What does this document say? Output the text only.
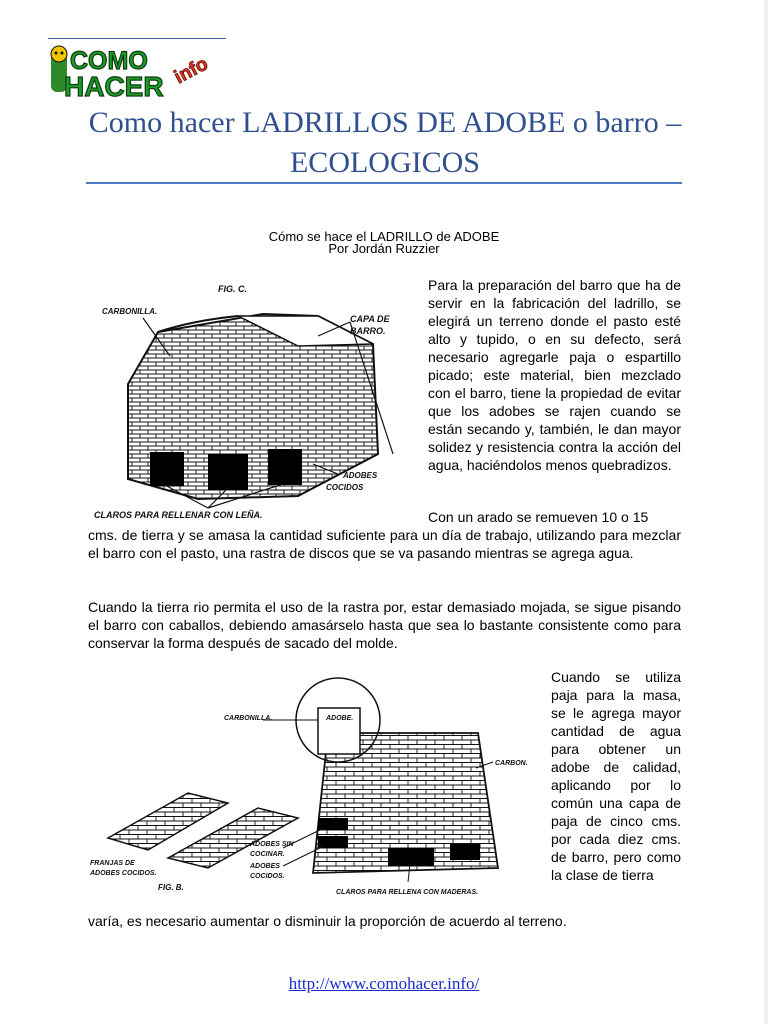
COMO
HACER info
Como hacer LADRILLOS DE ADOBE o barro – ECOLOGICOS
Cómo se hace el LADRILLO de ADOBE
Por Jordán Ruzzier
FIG. C.
CARBONILLA.
CAPA DE
BARRO.
ADOBES
COCIDOS
CLAROS PARA RELLENAR CON LEÑA.

Para la preparación del barro que ha de servir en la fabricación del ladrillo, se elegirá un terreno donde el pasto esté alto y tupido, o en su defecto, será necesario agregarle paja o espartillo picado; este material, bien mezclado con el barro, tiene la propiedad de evitar que los adobes se rajen cuando se están secando y, también, le dan mayor solidez y resistencia contra la acción del agua, haciéndolos menos quebradizos.

Con un arado se remueven 10 o 15
cms. de tierra y se amasa la cantidad suficiente para un día de trabajo, utilizando para mezclar el barro con el pasto, una rastra de discos que se va pasando mientras se agrega agua.

Cuando la tierra rio permita el uso de la rastra por, estar demasiado mojada, se sigue pisando el barro con caballos, debiendo amasárselo hasta que sea lo bastante consistente como para conservar la forma después de sacado del molde.

CARBONILLA.	ADOBE.
CARBON.
ADOBES SIN
COCINAR.
ADOBES
COCIDOS.
FRANJAS DE
ADOBES COCIDOS.
FIG. B.
CLAROS PARA RELLENA CON MADERAS.

Cuando se utiliza paja para la masa, se le agrega mayor cantidad de agua para obtener un adobe de calidad, aplicando por lo común una capa de paja de cinco cms. por cada diez cms. de barro, pero como la clase de tierra

varía, es necesario aumentar o disminuir la proporción de acuerdo al terreno.

http://www.comohacer.info/
